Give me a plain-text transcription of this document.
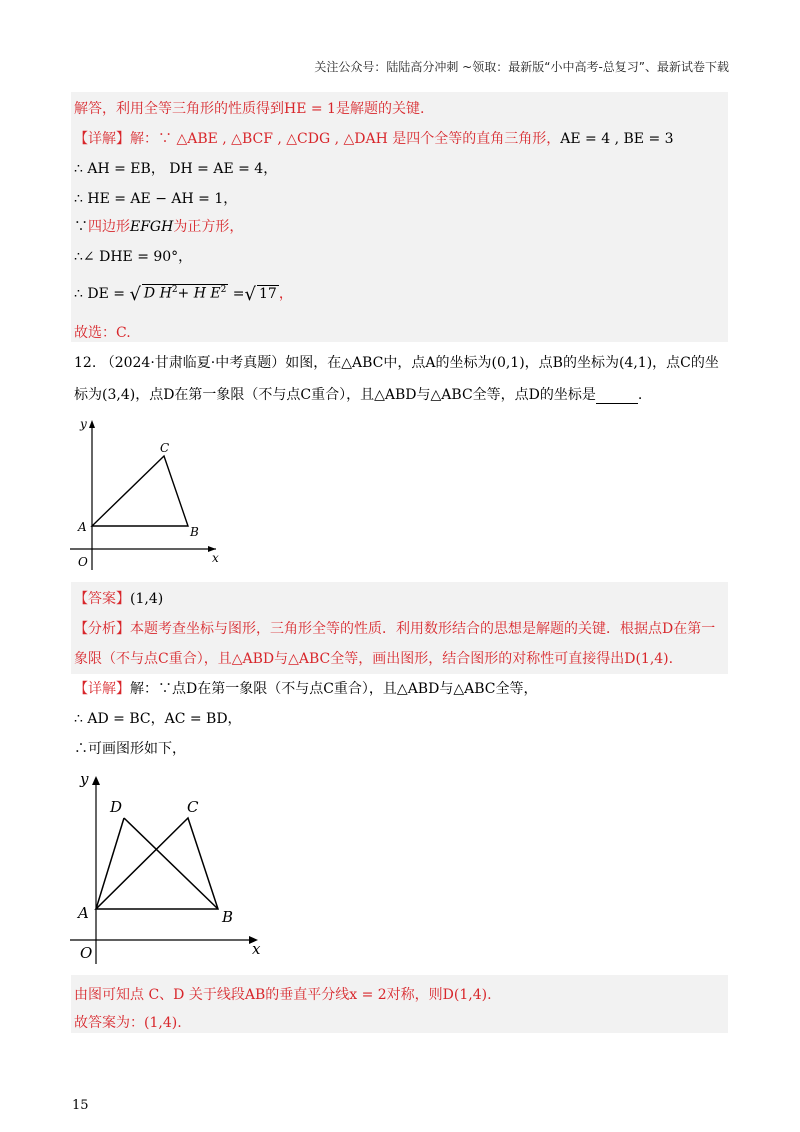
关注公众号：陆陆高分冲刺 ~领取：最新版“小中高考-总复习”、最新试卷下载
解答，利用全等三角形的性质得到HE = 1是解题的关键.
【详解】解：∵ △ABE , △BCF , △CDG , △DAH 是四个全等的直角三角形，AE = 4 , BE = 3
∴ AH = EB， DH = AE = 4，
∴ HE = AE − AH = 1，
∵四边形EFGH为正方形，
∴∠ DHE = 90°，
∴ DE = √ D $H^2+ H$ $E^2$ =√ 17 ，
故选：C.
12. （2024·甘肃临夏·中考真题）如图，在△ABC中，点A的坐标为(0,1)，点B的坐标为(4,1)，点C的坐
标为(3,4)，点D在第一象限（不与点C重合），且△ABD与△ABC全等，点D的坐标是	.
y
x
O
A	B
C
【答案】(1,4)
【分析】本题考查坐标与图形，三角形全等的性质．利用数形结合的思想是解题的关键．根据点D在第一
象限（不与点C重合），且△ABD与△ABC全等，画出图形，结合图形的对称性可直接得出D(1,4).
【详解】解：∵点D在第一象限（不与点C重合），且△ABD与△ABC全等，
∴ AD = BC，AC = BD，
∴可画图形如下，
y
x
O
A	B
C
D
由图可知点 C、D 关于线段AB的垂直平分线x = 2对称，则D(1,4).
故答案为：(1,4).
15
